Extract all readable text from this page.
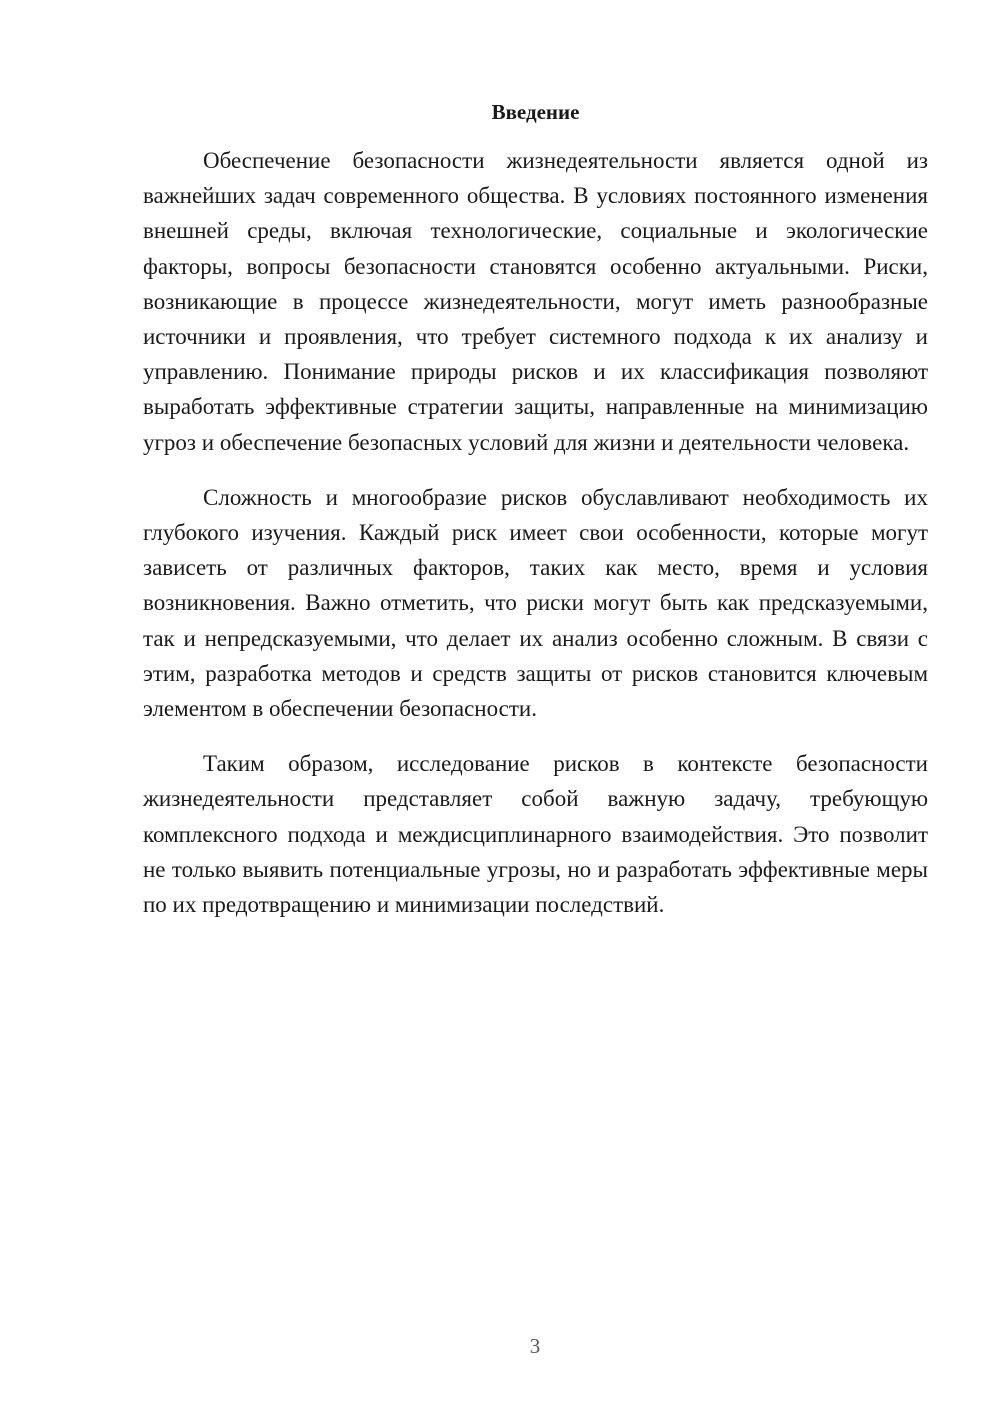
Введение

Обеспечение безопасности жизнедеятельности является одной из важнейших задач современного общества. В условиях постоянного изменения внешней среды, включая технологические, социальные и экологические факторы, вопросы безопасности становятся особенно актуальными. Риски, возникающие в процессе жизнедеятельности, могут иметь разнообразные источники и проявления, что требует системного подхода к их анализу и управлению. Понимание природы рисков и их классификация позволяют выработать эффективные стратегии защиты, направленные на минимизацию угроз и обеспечение безопасных условий для жизни и деятельности человека.

Сложность и многообразие рисков обуславливают необходимость их глубокого изучения. Каждый риск имеет свои особенности, которые могут зависеть от различных факторов, таких как место, время и условия возникновения. Важно отметить, что риски могут быть как предсказуемыми, так и непредсказуемыми, что делает их анализ особенно сложным. В связи с этим, разработка методов и средств защиты от рисков становится ключевым элементом в обеспечении безопасности.

Таким образом, исследование рисков в контексте безопасности жизнедеятельности представляет собой важную задачу, требующую комплексного подхода и междисциплинарного взаимодействия. Это позволит не только выявить потенциальные угрозы, но и разработать эффективные меры по их предотвращению и минимизации последствий.

3
